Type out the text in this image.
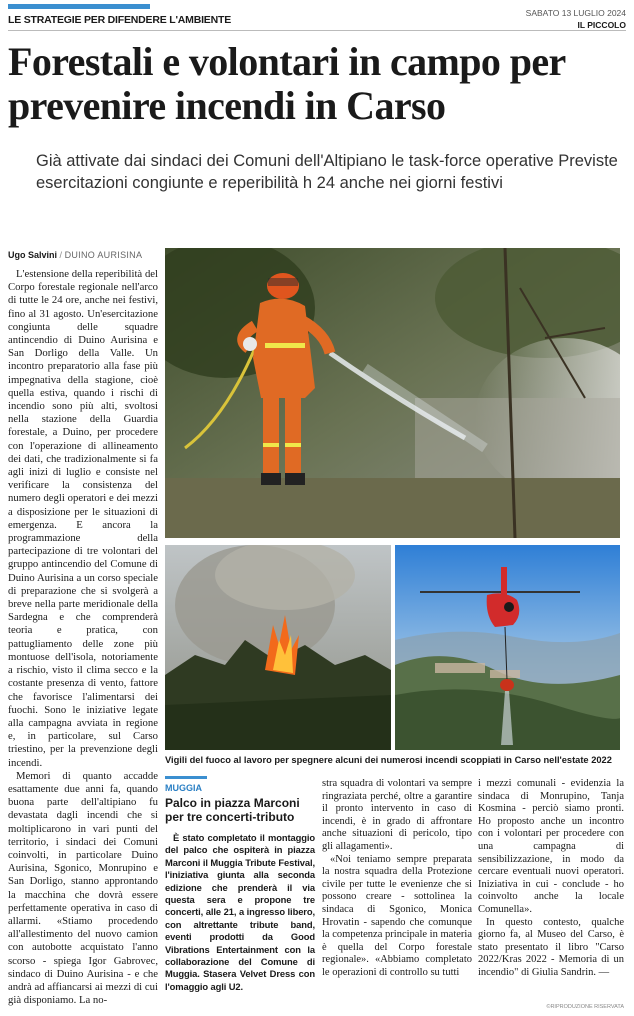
LE STRATEGIE PER DIFENDERE L'AMBIENTE
SABATO 13 LUGLIO 2024
IL PICCOLO
Forestali e volontari in campo per prevenire incendi in Carso
Già attivate dai sindaci dei Comuni dell'Altipiano le task-force operative Previste esercitazioni congiunte e reperibilità h 24 anche nei giorni festivi
Ugo Salvini / DUINO AURISINA

L'estensione della reperibilità del Corpo forestale regionale nell'arco di tutte le 24 ore, anche nei festivi, fino al 31 agosto. Un'esercitazione congiunta delle squadre antincendio di Duino Aurisina e San Dorligo della Valle. Un incontro preparatorio alla fase più impegnativa della stagione, cioè quella estiva, quando i rischi di incendio sono più alti, svoltosi nella stazione della Guardia forestale, a Duino, per procedere con l'operazione di allineamento dei dati, che tradizionalmente si fa agli inizi di luglio e consiste nel verificare la consistenza del numero degli operatori e dei mezzi a disposizione per le situazioni di emergenza. E ancora la programmazione della partecipazione di tre volontari del gruppo antincendio del Comune di Duino Aurisina a un corso speciale di preparazione che si svolgerà a breve nella parte meridionale della Sardegna e che comprenderà teoria e pratica, con pattugliamento delle zone più montuose dell'isola, notoriamente a rischio, visto il clima secco e la costante presenza di vento, fattore che favorisce l'alimentarsi dei fuochi. Sono le iniziative legate alla campagna avviata in regione e, in particolare, sul Carso triestino, per la prevenzione degli incendi.

Memori di quanto accadde esattamente due anni fa, quando buona parte dell'altipiano fu devastata dagli incendi che si moltiplicarono in vari punti del territorio, i sindaci dei Comuni coinvolti, in particolare Duino Aurisina, Sgonico, Monrupino e San Dorligo, stanno approntando la macchina che dovrà essere perfettamente operativa in caso di allarmi. «Stiamo procedendo all'allestimento del nuovo camion con autobotte acquistato l'anno scorso - spiega Igor Gabrovec, sindaco di Duino Aurisina - e che andrà ad affiancarsi ai mezzi di cui già disponiamo. La no-

Vigili del fuoco al lavoro per spegnere alcuni dei numerosi incendi scoppiati in Carso nell'estate 2022
MUGGIA
Palco in piazza Marconi per tre concerti-tributo

È stato completato il montaggio del palco che ospiterà in piazza Marconi il Muggia Tribute Festival, l'iniziativa giunta alla seconda edizione che prenderà il via questa sera e propone tre concerti, alle 21, a ingresso libero, con altrettante tribute band, eventi prodotti da Good Vibrations Entertainment con la collaborazione del Comune di Muggia. Stasera Velvet Dress con l'omaggio agli U2.

stra squadra di volontari va sempre ringraziata perché, oltre a garantire il pronto intervento in caso di incendi, è in grado di affrontare anche situazioni di pericolo, tipo gli allagamenti».

«Noi teniamo sempre preparata la nostra squadra della Protezione civile per tutte le evenienze che si possono creare - sottolinea la sindaca di Sgonico, Monica Hrovatin - sapendo che comunque la competenza principale in materia è quella del Corpo forestale regionale». «Abbiamo completato le operazioni di controllo su tutti

i mezzi comunali - evidenzia la sindaca di Monrupino, Tanja Kosmina - perciò siamo pronti. Ho proposto anche un incontro con i volontari per procedere con una campagna di sensibilizzazione, in modo da cercare eventuali nuovi operatori. Iniziativa in cui - conclude - ho coinvolto anche la locale Comunella».

In questo contesto, qualche giorno fa, al Museo del Carso, è stato presentato il libro "Carso 2022/Kras 2022 - Memoria di un incendio" di Giulia Sandrin. —

©RIPRODUZIONE RISERVATA
